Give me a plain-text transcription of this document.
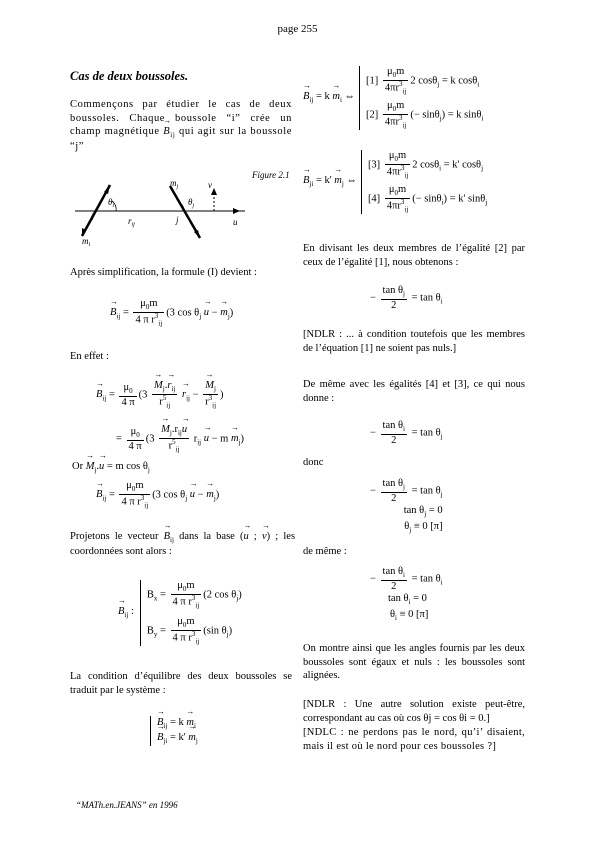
page 255
Cas de deux boussoles.
Commençons par étudier le cas de deux boussoles. Chaque boussole “i” crée un champ magnétique → $B_{ij}$ qui agit sur la boussole “j”
Figure 2.1
$\theta_i$	$\theta_j$
i	j
$r_{ij}$	u
v
$m_j$
$m_i$
Après simplification, la formule (I) devient :
→ $B_{ij} = \frac{\mu_0m}{4 \pi r^3_{ij}} (3$ $\cos \theta_j \to u$ − → $m_j$)
En effet :
→ $B_{ij} = \frac{\mu_0}{4 \pi} (3$
→ $\frac{M_j.\to r_{ij}}{r^5_{ij}}$
→ $r_{ij}$ −
→ $\frac{M_j}{r^3_{ij}}$ )
= $\frac{\mu_0}{4 \pi} (3$
→ $\frac{M_j.r_{ij}\to u}{r^5_{ij}} r_{ij} \to u - m \to m_j$)
$Or \to M_j.\to u = m$ $\cos \theta_j$
→ $B_{ij} = \frac{\mu_0m}{4 \pi r^3_{ij}} (3$ $\cos \theta_j \to u$ − → $m_j$)
Projetons le vecteur → $B_{ij}$ dans la base (→ u ; → v) ; les coordonnées sont alors :
→ $B_{ij}$ :
$B_x = \frac{\mu_0m}{4 \pi r^3_{ij}} (2$ $\cos \theta_j$)
$B_y = \frac{\mu_0m}{4 \pi r^3_{ij}} (\sin$ $\theta_j$)
La condition d’équilibre des deux boussoles se traduit par le système :
→ $B_{ij} = k \to m_i$
→ $B_{ji} = k' \to m_j$
“MATh.en.JEANS” en 1996
→ $B_{ij} = k \to m_i$ ⇔
$[1] \frac{\mu_0m}{4\pi r^3_{ij}} 2$ cosθ$_j$ = k cosθ$_i$
$[2] \frac{\mu_0m}{4\pi r^3_{ij}}$ (− sinθ$_j$) = k sinθ$_i$
→ $B_{ji} = k' \to m_j$ ⇔
$[3] \frac{\mu_0m}{4\pi r^3_{ij}} 2$ cosθ$_i$ = k' cosθ$_j$
$[4] \frac{\mu_0m}{4\pi r^3_{ij}}$ (− sinθ$_i$) = k' sinθ$_j$
En divisant les deux membres de l’égalité [2] par ceux de l’égalité [1], nous obtenons :
− $\frac{\tan \theta_j}{2} = \tan \theta_i$
[NDLR : ... à condition toutefois que les membres de l’équation [1] ne soient pas nuls.]
De même avec les égalités [4] et [3], ce qui nous donne :
− $\frac{\tan \theta_i}{2} = \tan \theta_j$
donc
− $\frac{\tan \theta_j}{2} = \tan \theta_j$
$\tan \theta_j = 0$
$\theta_j \equiv 0$ [π]
de même :
− $\frac{\tan \theta_i}{2} = \tan \theta_i$
$\tan \theta_i = 0$
$\theta_i \equiv 0$ [π]
On montre ainsi que les angles fournis par les deux boussoles sont égaux et nuls : les boussoles sont alignées.
[NDLR : Une autre solution existe peut-être, correspondant au cas où cos θj = cos θi = 0.]
[NDLC : ne perdons pas le nord, qu’i’ disaient, mais il est où le nord pour ces boussoles ?]
